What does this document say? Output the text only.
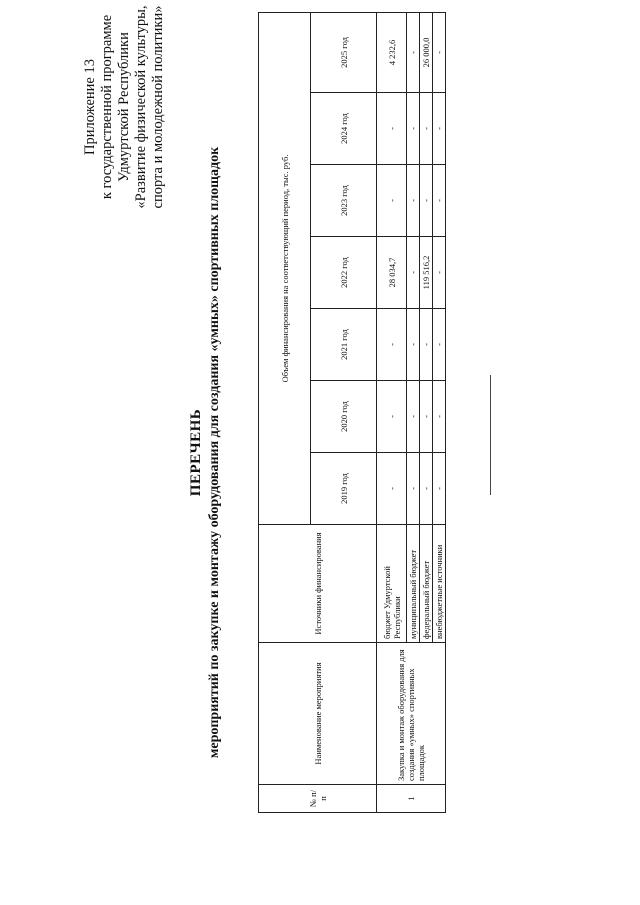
Приложение 13 к государственной программе Удмуртской Республики «Развитие физической культуры, спорта и молодежной политики»
ПЕРЕЧЕНЬ мероприятий по закупке и монтажу оборудования для создания «умных» спортивных площадок
№ п/п	Наименование мероприятия	Источники финансирования	Объем финансирования на соответствующий период, тыс. руб.						
			2019 год	2020 год	2021 год	2022 год	2023 год	2024 год	2025 год
1	Закупка и монтаж оборудования для создания «умных» спортивных площадок	бюджет Удмуртской Республики	-	-	-	28 034,7	-	-	4 232,6
		муниципальный бюджет	-	-	-	-	-	-	-
		федеральный бюджет	-	-	-	119 516,2	-	-	26 000,0
		внебюджетные источники	-	-	-	-	-	-	-
